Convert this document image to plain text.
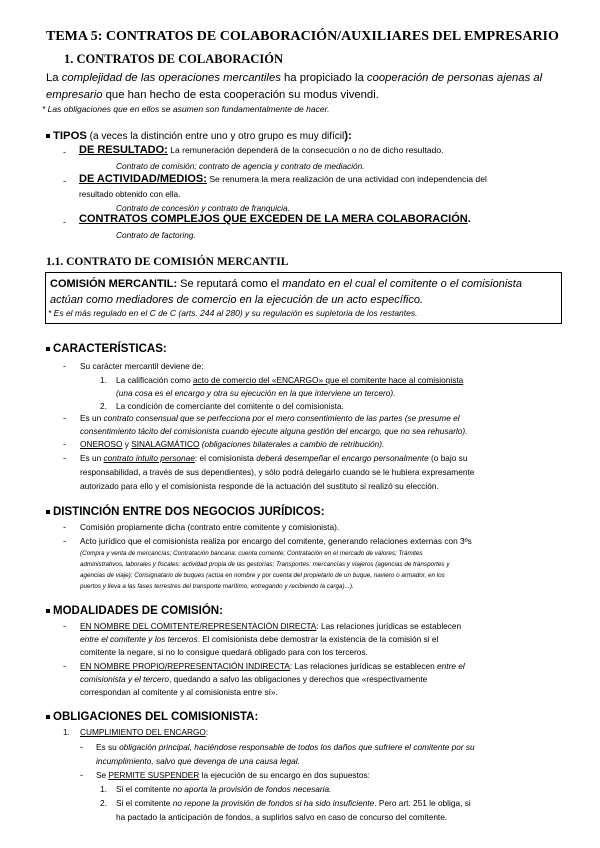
TEMA 5: CONTRATOS DE COLABORACIÓN/AUXILIARES DEL EMPRESARIO
1. CONTRATOS DE COLABORACIÓN
La complejidad de las operaciones mercantiles ha propiciado la cooperación de personas ajenas al
empresario que han hecho de esta cooperación su modus vivendi.
* Las obligaciones que en ellos se asumen son fundamentalmente de hacer.
TIPOS (a veces la distinción entre uno y otro grupo es muy difícil):
- DE RESULTADO: La remuneración dependerá de la consecución o no de dicho resultado.
Contrato de comisión; contrato de agencia y contrato de mediación.
- DE ACTIVIDAD/MEDIOS: Se renumera la mera realización de una actividad con independencia del
resultado obtenido con ella.
Contrato de concesión y contrato de franquicia.
- CONTRATOS COMPLEJOS QUE EXCEDEN DE LA MERA COLABORACIÓN.
Contrato de factoring.
1.1. CONTRATO DE COMISIÓN MERCANTIL
COMISIÓN MERCANTIL: Se reputará como el mandato en el cual el comitente o el comisionista
actúan como mediadores de comercio en la ejecución de un acto específico.
* Es el más regulado en el C de C (arts. 244 al 280) y su regulación es supletoria de los restantes.
CARACTERÍSTICAS:
- Su carácter mercantil deviene de:
1. La calificación como acto de comercio del «ENCARGO» que el comitente hace al comisionista
(una cosa es el encargo y otra su ejecución en la que interviene un tercero).
2. La condición de comerciante del comitente o del comisionista.
- Es un contrato consensual que se perfecciona por el mero consentimiento de las partes (se presume el
consentimiento tácito del comisionista cuando ejecute alguna gestión del encargo, que no sea rehusarlo).
- ONEROSO y SINALAGMÁTICO (obligaciones bilaterales a cambio de retribución).
- Es un contrato intuito personae: el comisionista deberá desempeñar el encargo personalmente (o bajo su
responsabilidad, a través de sus dependientes), y sólo podrá delegarlo cuando se le hubiera expresamente
autorizado para ello y el comisionista responde de la actuación del sustituto si realizó su elección.
DISTINCIÓN ENTRE DOS NEGOCIOS JURÍDICOS:
- Comisión propiamente dicha (contrato entre comitente y comisionista).
- Acto jurídico que el comisionista realiza por encargo del comitente, generando relaciones externas con 3ºs
(Compra y venta de mercancías; Contratación bancaria: cuenta corriente; Contratación en el mercado de valores; Trámites
administrativos, laborales y fiscales: actividad propia de las gestorías; Transportes: mercancías y viajeros (agencias de transportes y
agencias de viaje); Consignatario de buques (actúa en nombre y por cuenta del propietario de un buque, naviero o armador, en los
puertos y lleva a las fases terrestres del transporte marítimo, entregando y recibiendo la carga)...).
MODALIDADES DE COMISIÓN:
- EN NOMBRE DEL COMITENTE/REPRESENTACIÓN DIRECTA: Las relaciones jurídicas se establecen
entre el comitente y los terceros. El comisionista debe demostrar la existencia de la comisión si el
comitente la negare, si no lo consigue quedará obligado para con los terceros.
- EN NOMBRE PROPIO/REPRESENTACIÓN INDIRECTA: Las relaciones jurídicas se establecen entre el
comisionista y el tercero, quedando a salvo las obligaciones y derechos que «respectivamente
correspondan al comitente y al comisionista entre sí».
OBLIGACIONES DEL COMISIONISTA:
1. CUMPLIMIENTO DEL ENCARGO:
- Es su obligación principal, haciéndose responsable de todos los daños que sufriere el comitente por su
incumplimiento, salvo que devenga de una causa legal.
- Se PERMITE SUSPENDER la ejecución de su encargo en dos supuestos:
1. Si el comitente no aporta la provisión de fondos necesaria.
2. Si el comitente no repone la provisión de fondos si ha sido insuficiente. Pero art. 251 le obliga, si
ha pactado la anticipación de fondos, a suplirlos salvo en caso de concurso del comitente.
